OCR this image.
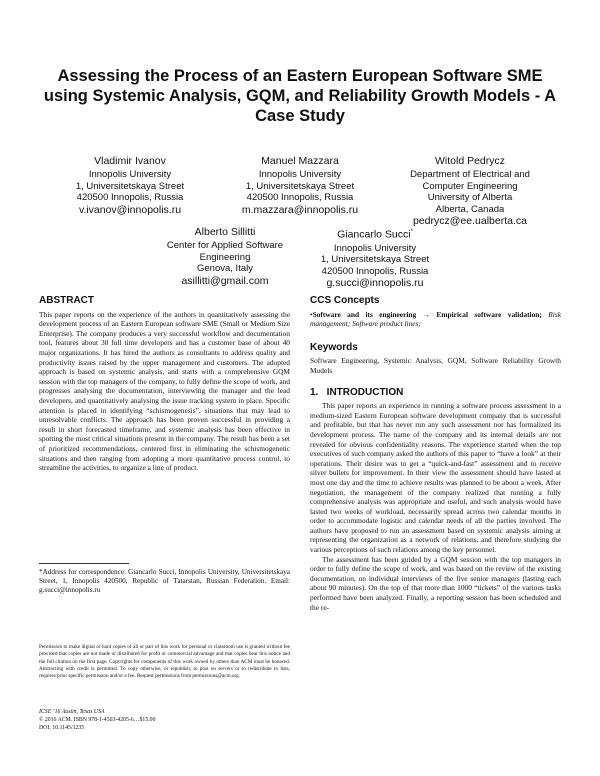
Assessing the Process of an Eastern European Software SME using Systemic Analysis, GQM, and Reliability Growth Models - A Case Study
Vladimir Ivanov
Innopolis University
1, Universitetskaya Street
420500 Innopolis, Russia
v.ivanov@innopolis.ru
Manuel Mazzara
Innopolis University
1, Universitetskaya Street
420500 Innopolis, Russia
m.mazzara@innopolis.ru
Witold Pedrycz
Department of Electrical and
Computer Engineering
University of Alberta
Alberta, Canada
pedrycz@ee.ualberta.ca
Alberto Sillitti
Center for Applied Software
Engineering
Genova, Italy
asillitti@gmail.com
Giancarlo Succi*
Innopolis University
1, Universitetskaya Street
420500 Innopolis, Russia
g.succi@innopolis.ru
ABSTRACT
This paper reports on the experience of the authors in quantitatively assessing the development process of an Eastern European software SME (Small or Medium Size Enterprise). The company produces a very successful workflow and documentation tool, features about 30 full time developers and has a customer base of about 40 major organizations. It has hired the authors as consultants to address quality and productivity issues raised by the upper management and customers. The adopted approach is based on systemic analysis, and starts with a comprehensive GQM session with the top managers of the company, to fully define the scope of work, and progresses analysing the documentation, interviewing the manager and the lead developers, and quantitatively analysing the issue tracking system in place. Specific attention is placed in identifying “schismogenesis”, situations that may lead to unresolvable conflicts. The approach has been proven successful in providing a result in short forecasted timeframe, and systemic analysis has been effective in spotting the most critical situations present in the company. The result has been a set of prioritized recommendations, centered first in eliminating the schismogenetic situations and then ranging from adopting a more quantitative process control, to streamline the activities, to organize a line of product.
*Address for correspondence: Giancarlo Succi, Innopolis University, Universitetskaya Street, 1, Innopolis 420500, Republic of Tatarstan, Russian Federation. Email: g.succi@innopolis.ru
Permission to make digital or hard copies of all or part of this work for personal or classroom use is granted without fee provided that copies are not made or distributed for profit or commercial advantage and that copies bear this notice and the full citation on the first page. Copyrights for components of this work owned by others than ACM must be honored. Abstracting with credit is permitted. To copy otherwise, or republish, to post on servers or to redistribute to lists, requires prior specific permission and/or a fee. Request permissions from permissions@acm.org.
ICSE ’16 Austin, Texas USA
© 2016 ACM. ISBN 978-1-4503-4205-6…$15.00
DOI: 10.1145/1235
CCS Concepts
•Software and its engineering → Empirical software validation; Risk management; Software product lines;
Keywords
Software Engineering, Systemic Analysis, GQM, Software Reliability Growth Models
1.   INTRODUCTION

This paper reports an experience in running a software process assessment in a medium-sized Eastern European software development company that is successful and profitable, but that has never run any such assessment nor has formalized its development process. The name of the company and its internal details are not revealed for obvious confidentiality reasons. The experience started when the top executives of such company asked the authors of this paper to “have a look” at their operations. Their desire was to get a “quick-and-fast” assessment and to receive silver bullets for improvement. In their view the assessment should have lasted at most one day and the time to achieve results was planned to be about a week. After negotiation, the management of the company realized that running a fully comprehensive analysis was appropriate and useful, and such analysis would have lasted two weeks of workload, necessarily spread across two calendar months in order to accommodate logistic and calendar needs of all the parties involved. The authors have proposed to run an assessment based on systemic analysis aiming at representing the organization as a network of relations, and therefore studying the various perceptions of such relations among the key personnel.

The assessment has been guided by a GQM session with the top managers in order to fully define the scope of work, and was based on the review of the existing documentation, on individual interviews of the five senior managers (lasting each about 90 minutes). On the top of that more than 1000 “tickets” of the various tasks performed have been analyzed. Finally, a reporting session has been scheduled and the re-
